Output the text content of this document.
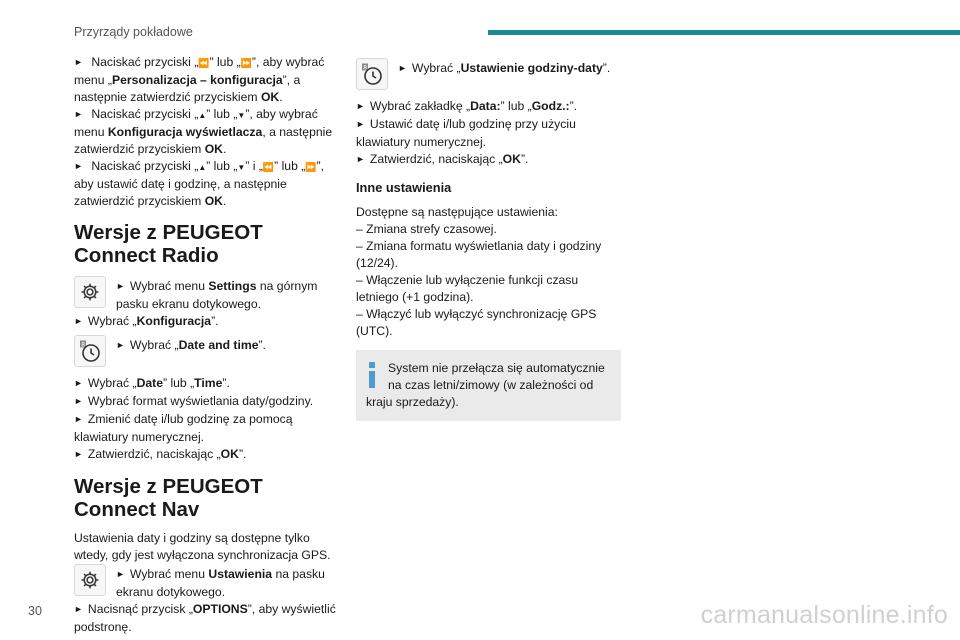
Przyrządy pokładowe

► Naciskać przyciski „⏪” lub „⏩”, aby wybrać menu „Personalizacja – konfiguracja”, a następnie zatwierdzić przyciskiem OK.

► Naciskać przyciski „▲” lub „▼”, aby wybrać menu Konfiguracja wyświetlacza, a następnie zatwierdzić przyciskiem OK.

► Naciskać przyciski „▲” lub „▼” i „⏪” lub „⏩”, aby ustawić datę i godzinę, a następnie zatwierdzić przyciskiem OK.

Wersje z PEUGEOT Connect Radio
► Wybrać menu Settings na górnym pasku ekranu dotykowego.

► Wybrać „Konfiguracja”.

8	► Wybrać „Date and time”.

► Wybrać „Date” lub „Time”.

► Wybrać format wyświetlania daty/godziny.

► Zmienić datę i/lub godzinę za pomocą klawiatury numerycznej.

► Zatwierdzić, naciskając „OK”.

Wersje z PEUGEOT Connect Nav

Ustawienia daty i godziny są dostępne tylko wtedy, gdy jest wyłączona synchronizacja GPS.

► Wybrać menu Ustawienia na pasku ekranu dotykowego.

► Nacisnąć przycisk „OPTIONS”, aby wyświetlić podstronę.

8	► Wybrać „Ustawienie godziny-daty”.

► Wybrać zakładkę „Data:” lub „Godz.:”.

► Ustawić datę i/lub godzinę przy użyciu klawiatury numerycznej.

► Zatwierdzić, naciskając „OK”.

Inne ustawienia

Dostępne są następujące ustawienia:

– Zmiana strefy czasowej.

– Zmiana formatu wyświetlania daty i godziny (12/24).

– Włączenie lub wyłączenie funkcji czasu letniego (+1 godzina).

– Włączyć lub wyłączyć synchronizację GPS (UTC).

System nie przełącza się automatycznie na czas letni/zimowy (w zależności od kraju sprzedaży).
30	carmanualsonline.info
